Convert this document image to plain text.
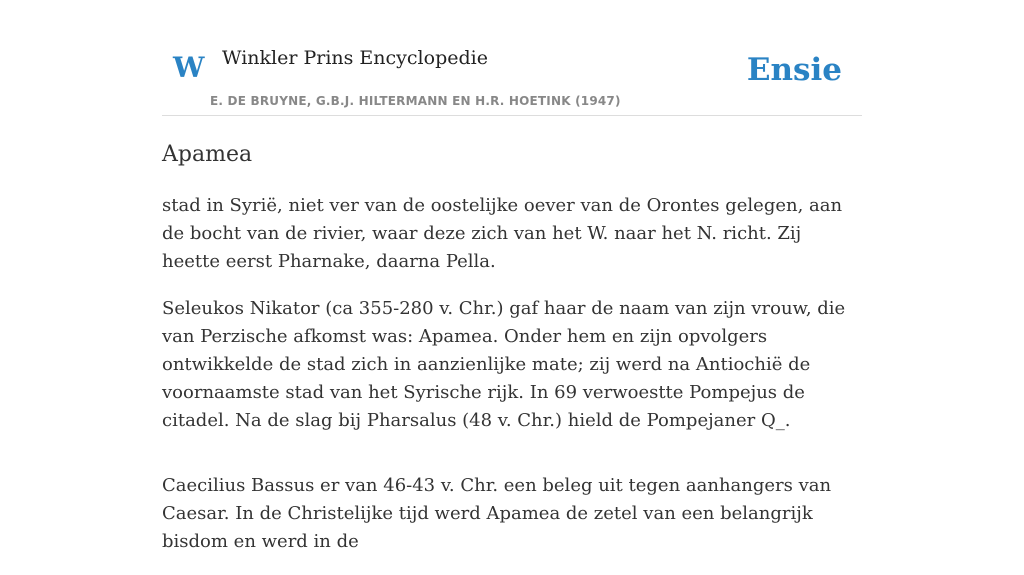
W Winkler Prins Encyclopedie	Ensie
E. DE BRUYNE, G.B.J. HILTERMANN EN H.R. HOETINK (1947)
Apamea

stad in Syrië, niet ver van de oostelijke oever van de Orontes gelegen, aan de bocht van de rivier, waar deze zich van het W. naar het N. richt. Zij heette eerst Pharnake, daarna Pella.

Seleukos Nikator (ca 355-280 v. Chr.) gaf haar de naam van zijn vrouw, die van Perzische afkomst was: Apamea. Onder hem en zijn opvolgers ontwikkelde de stad zich in aanzienlijke mate; zij werd na Antiochië de voornaamste stad van het Syrische rijk. In 69 verwoestte Pompejus de citadel. Na de slag bij Pharsalus (48 v. Chr.) hield de Pompejaner Q_.

Caecilius Bassus er van 46-43 v. Chr. een beleg uit tegen aanhangers van Caesar. In de Christelijke tijd werd Apamea de zetel van een belangrijk bisdom en werd in de
